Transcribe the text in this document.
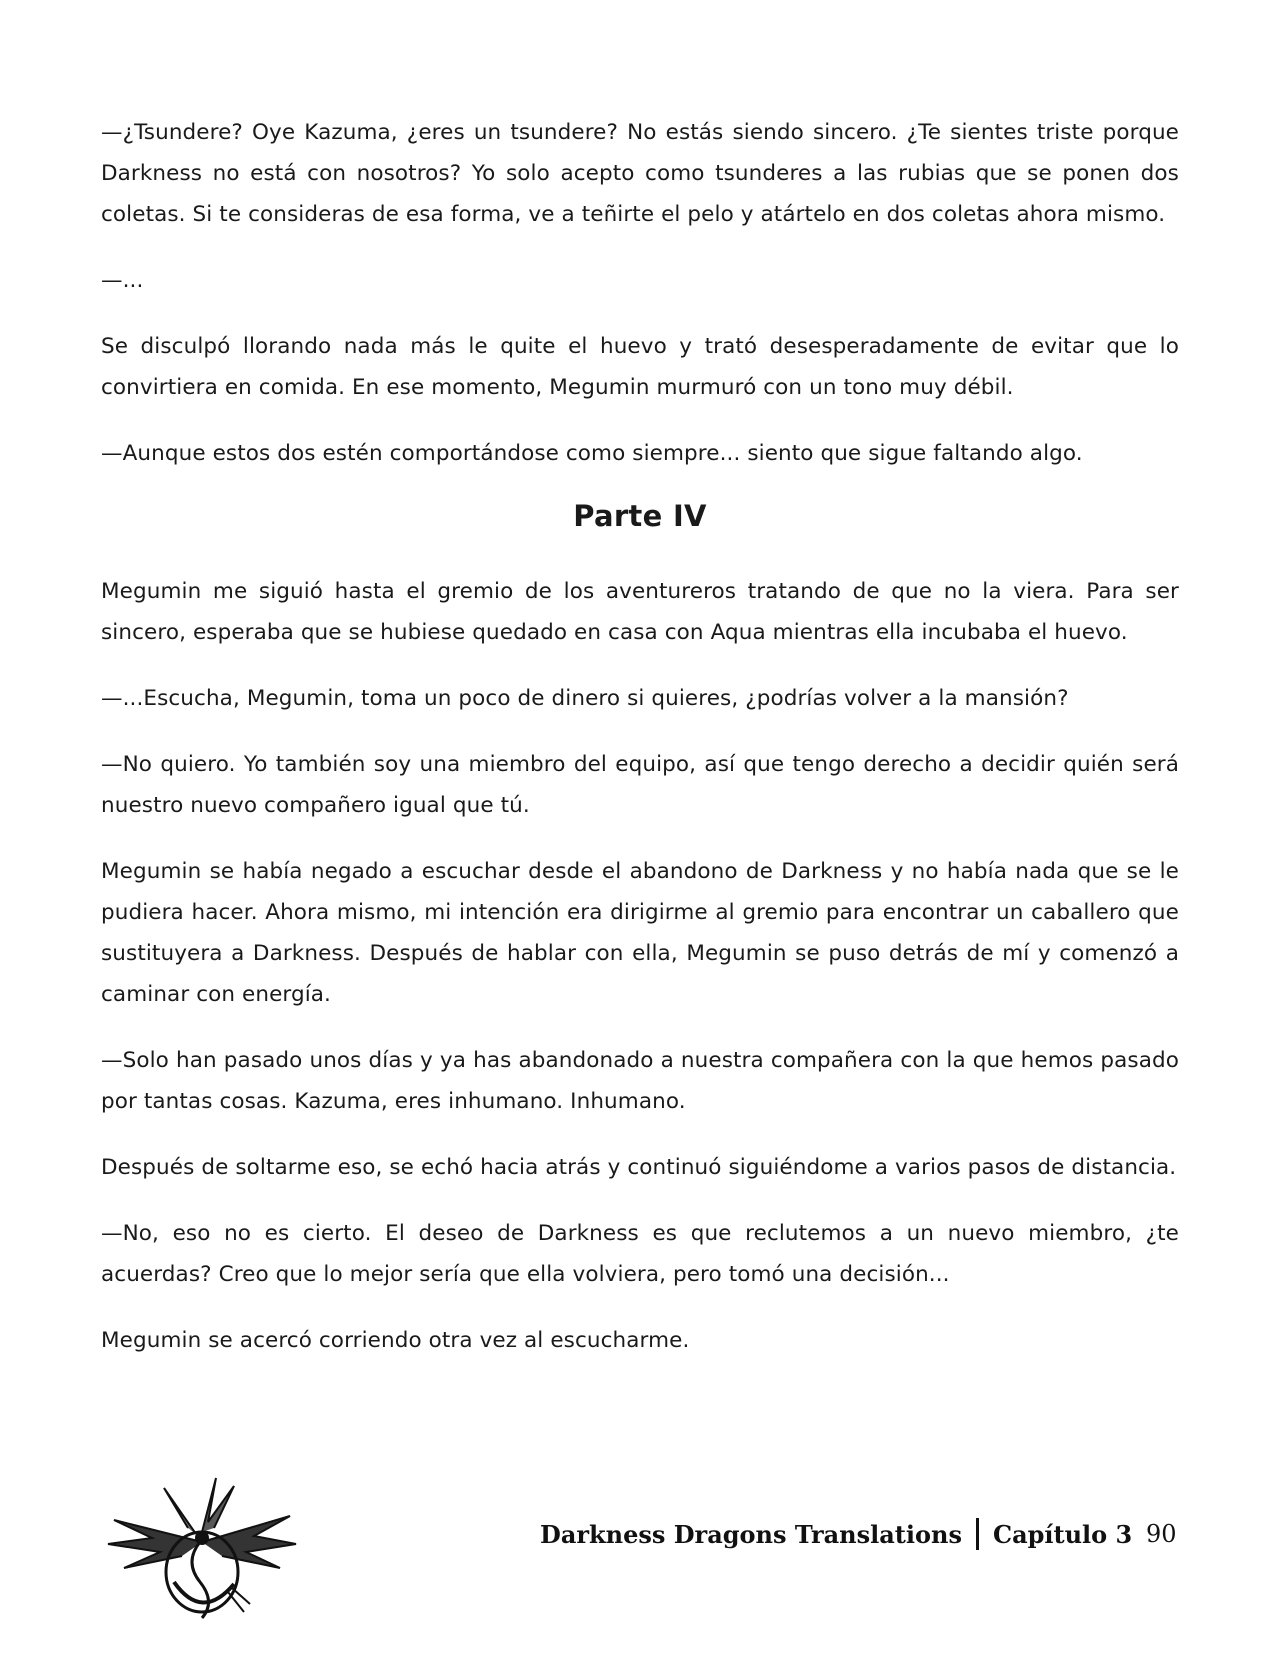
—¿Tsundere? Oye Kazuma, ¿eres un tsundere? No estás siendo sincero. ¿Te sientes triste porque Darkness no está con nosotros? Yo solo acepto como tsunderes a las rubias que se ponen dos coletas. Si te consideras de esa forma, ve a teñirte el pelo y atártelo en dos coletas ahora mismo.

—...

Se disculpó llorando nada más le quite el huevo y trató desesperadamente de evitar que lo convirtiera en comida. En ese momento, Megumin murmuró con un tono muy débil.

—Aunque estos dos estén comportándose como siempre... siento que sigue faltando algo.

Parte IV

Megumin me siguió hasta el gremio de los aventureros tratando de que no la viera. Para ser sincero, esperaba que se hubiese quedado en casa con Aqua mientras ella incubaba el huevo.

—...Escucha, Megumin, toma un poco de dinero si quieres, ¿podrías volver a la mansión?

—No quiero. Yo también soy una miembro del equipo, así que tengo derecho a decidir quién será nuestro nuevo compañero igual que tú.

Megumin se había negado a escuchar desde el abandono de Darkness y no había nada que se le pudiera hacer. Ahora mismo, mi intención era dirigirme al gremio para encontrar un caballero que sustituyera a Darkness. Después de hablar con ella, Megumin se puso detrás de mí y comenzó a caminar con energía.

—Solo han pasado unos días y ya has abandonado a nuestra compañera con la que hemos pasado por tantas cosas. Kazuma, eres inhumano. Inhumano.

Después de soltarme eso, se echó hacia atrás y continuó siguiéndome a varios pasos de distancia.

—No, eso no es cierto. El deseo de Darkness es que reclutemos a un nuevo miembro, ¿te acuerdas? Creo que lo mejor sería que ella volviera, pero tomó una decisión...

Megumin se acercó corriendo otra vez al escucharme.

Darkness Dragons Translations Capítulo 3 90
